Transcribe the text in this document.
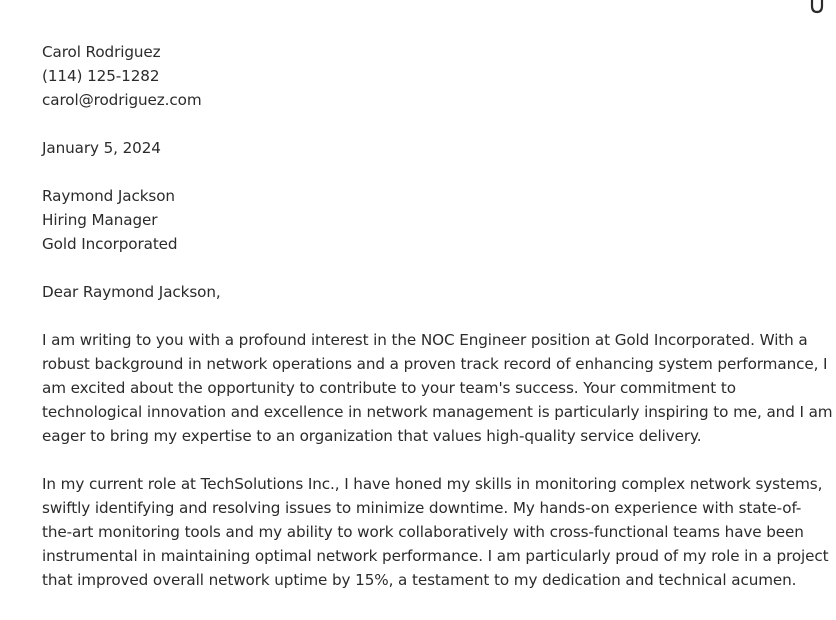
Carol Rodriguez
(114) 125-1282
carol@rodriguez.com
January 5, 2024
Raymond Jackson
Hiring Manager
Gold Incorporated
Dear Raymond Jackson,

I am writing to you with a profound interest in the NOC Engineer position at Gold Incorporated. With a
robust background in network operations and a proven track record of enhancing system performance, I
am excited about the opportunity to contribute to your team's success. Your commitment to
technological innovation and excellence in network management is particularly inspiring to me, and I am
eager to bring my expertise to an organization that values high-quality service delivery.

In my current role at TechSolutions Inc., I have honed my skills in monitoring complex network systems,
swiftly identifying and resolving issues to minimize downtime. My hands-on experience with state-of-
the-art monitoring tools and my ability to work collaboratively with cross-functional teams have been
instrumental in maintaining optimal network performance. I am particularly proud of my role in a project
that improved overall network uptime by 15%, a testament to my dedication and technical acumen.
